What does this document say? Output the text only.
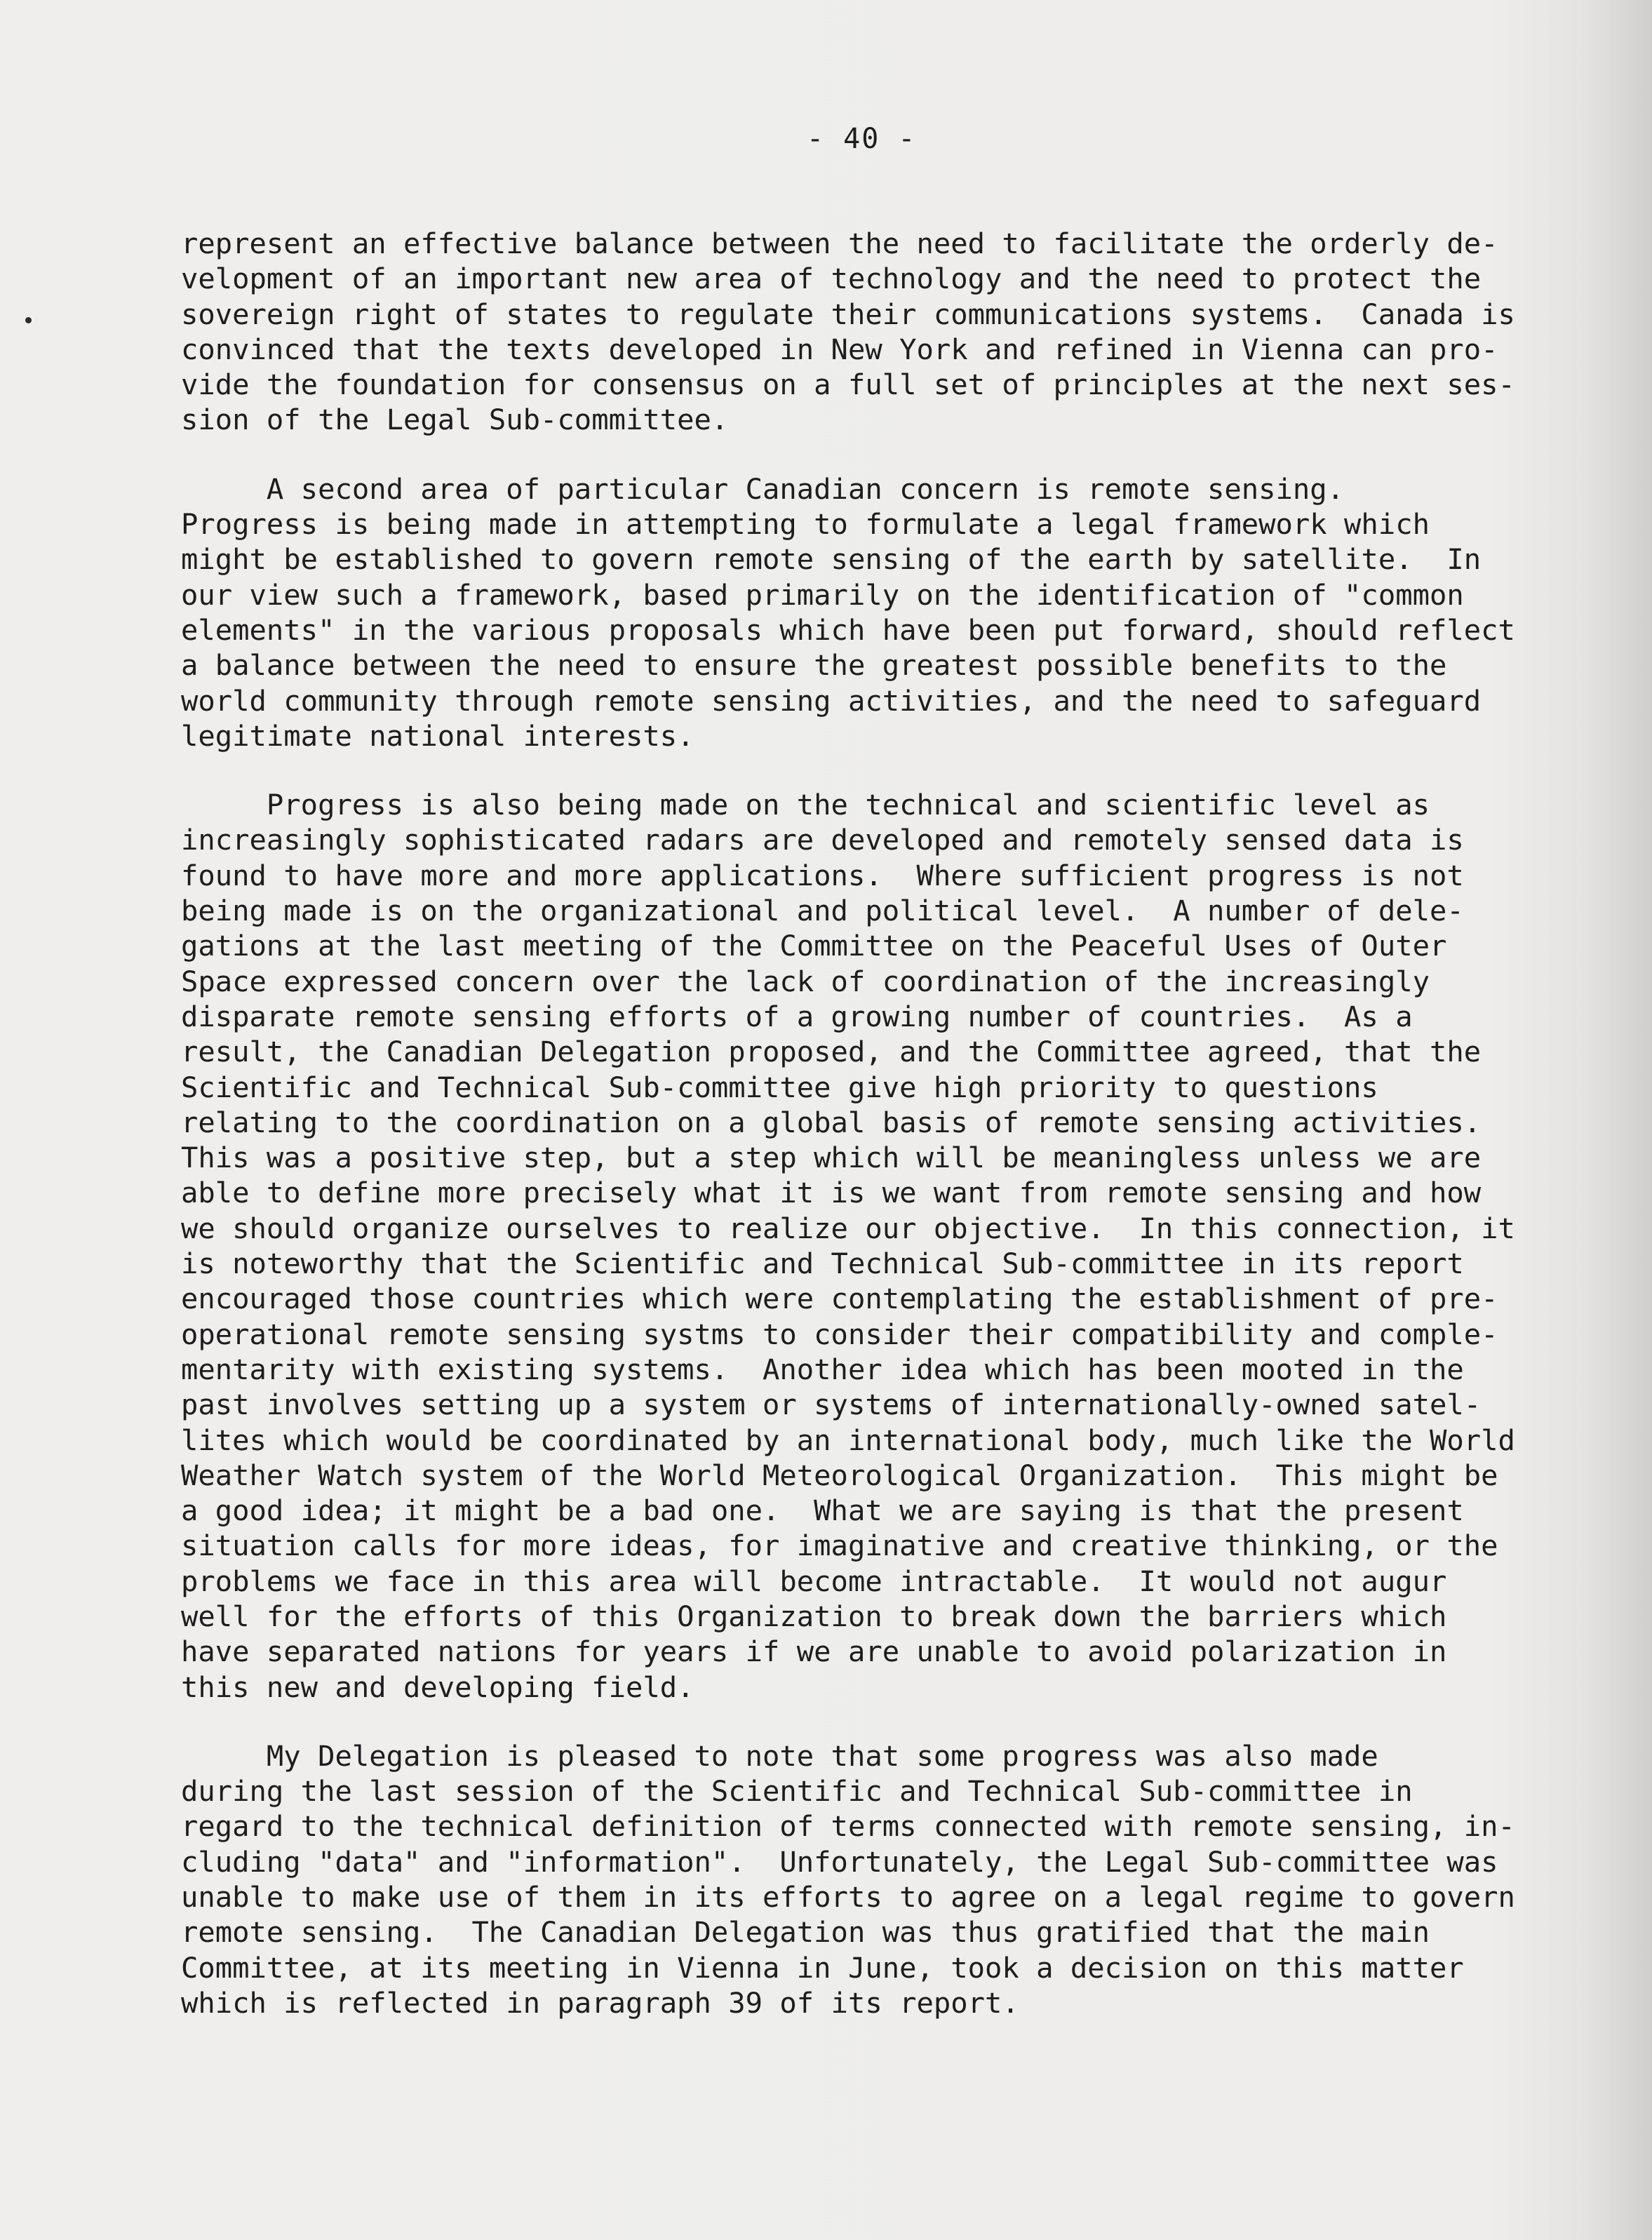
- 40 -
represent an effective balance between the need to facilitate the orderly de-
velopment of an important new area of technology and the need to protect the
sovereign right of states to regulate their communications systems.  Canada is
convinced that the texts developed in New York and refined in Vienna can pro-
vide the foundation for consensus on a full set of principles at the next ses-
sion of the Legal Sub-committee.
A second area of particular Canadian concern is remote sensing.
Progress is being made in attempting to formulate a legal framework which
might be established to govern remote sensing of the earth by satellite.  In
our view such a framework, based primarily on the identification of "common
elements" in the various proposals which have been put forward, should reflect
a balance between the need to ensure the greatest possible benefits to the
world community through remote sensing activities, and the need to safeguard
legitimate national interests.
Progress is also being made on the technical and scientific level as
increasingly sophisticated radars are developed and remotely sensed data is
found to have more and more applications.  Where sufficient progress is not
being made is on the organizational and political level.  A number of dele-
gations at the last meeting of the Committee on the Peaceful Uses of Outer
Space expressed concern over the lack of coordination of the increasingly
disparate remote sensing efforts of a growing number of countries.  As a
result, the Canadian Delegation proposed, and the Committee agreed, that the
Scientific and Technical Sub-committee give high priority to questions
relating to the coordination on a global basis of remote sensing activities.
This was a positive step, but a step which will be meaningless unless we are
able to define more precisely what it is we want from remote sensing and how
we should organize ourselves to realize our objective.  In this connection, it
is noteworthy that the Scientific and Technical Sub-committee in its report
encouraged those countries which were contemplating the establishment of pre-
operational remote sensing systms to consider their compatibility and comple-
mentarity with existing systems.  Another idea which has been mooted in the
past involves setting up a system or systems of internationally-owned satel-
lites which would be coordinated by an international body, much like the World
Weather Watch system of the World Meteorological Organization.  This might be
a good idea; it might be a bad one.  What we are saying is that the present
situation calls for more ideas, for imaginative and creative thinking, or the
problems we face in this area will become intractable.  It would not augur
well for the efforts of this Organization to break down the barriers which
have separated nations for years if we are unable to avoid polarization in
this new and developing field.
My Delegation is pleased to note that some progress was also made
during the last session of the Scientific and Technical Sub-committee in
regard to the technical definition of terms connected with remote sensing, in-
cluding "data" and "information".  Unfortunately, the Legal Sub-committee was
unable to make use of them in its efforts to agree on a legal regime to govern
remote sensing.  The Canadian Delegation was thus gratified that the main
Committee, at its meeting in Vienna in June, took a decision on this matter
which is reflected in paragraph 39 of its report.
